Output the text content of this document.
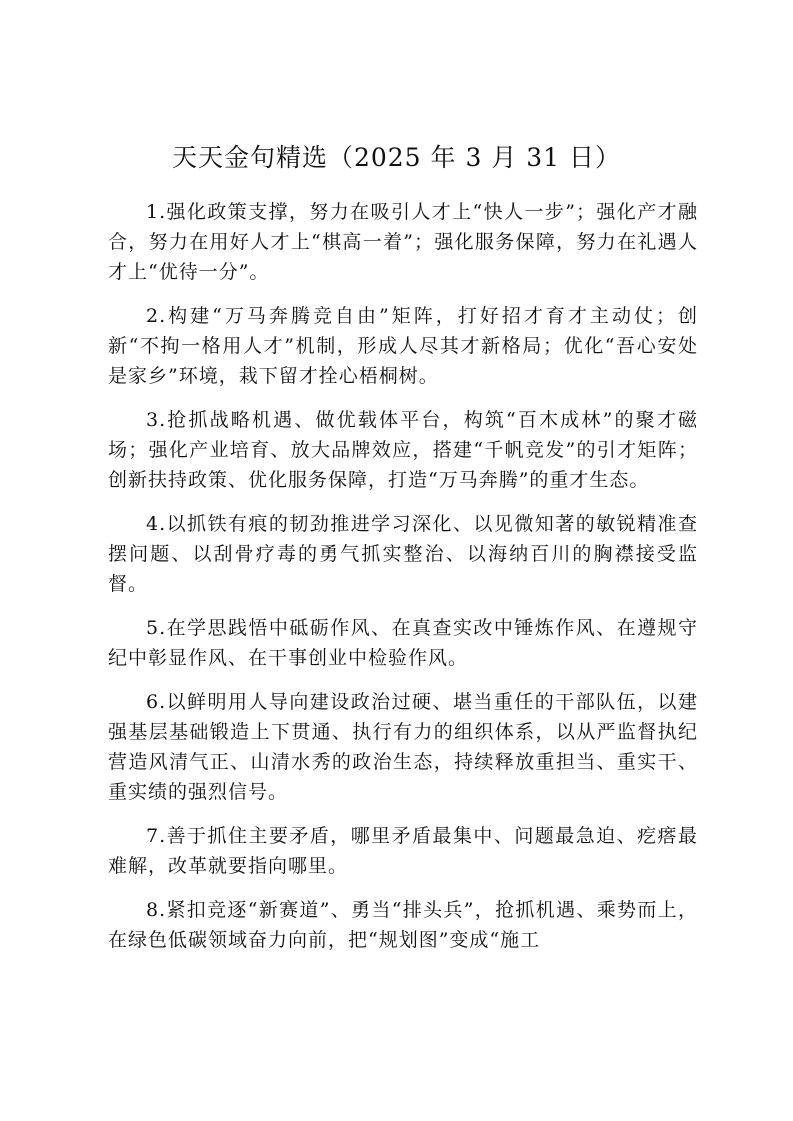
天天金句精选（2025 年 3 月 31 日）

1.强化政策支撑，努力在吸引人才上“快人一步”；强化产才融合，努力在用好人才上“棋高一着”；强化服务保障，努力在礼遇人才上“优待一分”。

2.构建“万马奔腾竞自由”矩阵，打好招才育才主动仗；创新“不拘一格用人才”机制，形成人尽其才新格局；优化“吾心安处是家乡”环境，栽下留才拴心梧桐树。

3.抢抓战略机遇、做优载体平台，构筑“百木成林”的聚才磁场；强化产业培育、放大品牌效应，搭建“千帆竞发”的引才矩阵；创新扶持政策、优化服务保障，打造“万马奔腾”的重才生态。

4.以抓铁有痕的韧劲推进学习深化、以见微知著的敏锐精准查摆问题、以刮骨疗毒的勇气抓实整治、以海纳百川的胸襟接受监督。

5.在学思践悟中砥砺作风、在真查实改中锤炼作风、在遵规守纪中彰显作风、在干事创业中检验作风。

6.以鲜明用人导向建设政治过硬、堪当重任的干部队伍，以建强基层基础锻造上下贯通、执行有力的组织体系，以从严监督执纪营造风清气正、山清水秀的政治生态，持续释放重担当、重实干、重实绩的强烈信号。

7.善于抓住主要矛盾，哪里矛盾最集中、问题最急迫、疙瘩最难解，改革就要指向哪里。

8.紧扣竞逐“新赛道”、勇当“排头兵”，抢抓机遇、乘势而上，在绿色低碳领域奋力向前，把“规划图”变成“施工
